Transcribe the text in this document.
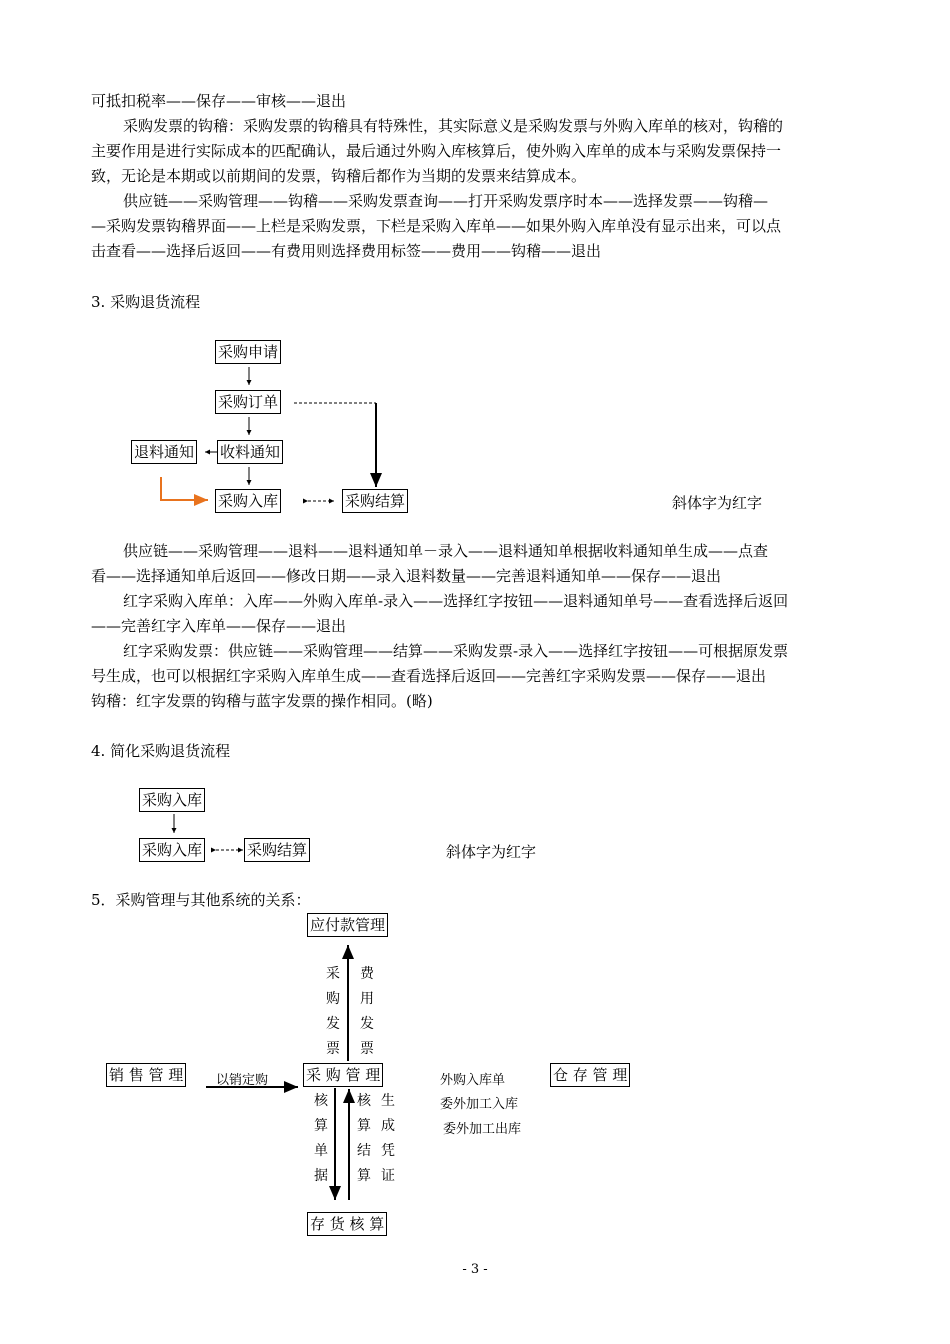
可抵扣税率——保存——审核——退出
采购发票的钩稽：采购发票的钩稽具有特殊性，其实际意义是采购发票与外购入库单的核对，钩稽的
主要作用是进行实际成本的匹配确认，最后通过外购入库核算后，使外购入库单的成本与采购发票保持一
致，无论是本期或以前期间的发票，钩稽后都作为当期的发票来结算成本。
供应链——采购管理——钩稽——采购发票查询——打开采购发票序时本——选择发票——钩稽—
—采购发票钩稽界面——上栏是采购发票，下栏是采购入库单——如果外购入库单没有显示出来，可以点
击查看——选择后返回——有费用则选择费用标签——费用——钩稽——退出
3. 采购退货流程
采购申请
采购订单
退料通知 收料通知
采购入库	采购结算	斜体字为红字
供应链——采购管理——退料——退料通知单－录入——退料通知单根据收料通知单生成——点查
看——选择通知单后返回——修改日期——录入退料数量——完善退料通知单——保存——退出
红字采购入库单：入库——外购入库单-录入——选择红字按钮——退料通知单号——查看选择后返回
——完善红字入库单——保存——退出
红字采购发票：供应链——采购管理——结算——采购发票-录入——选择红字按钮——可根据原发票
号生成，也可以根据红字采购入库单生成——查看选择后返回——完善红字采购发票——保存——退出
钩稽：红字发票的钩稽与蓝字发票的操作相同。(略)
4. 简化采购退货流程
采购入库
采购入库	采购结算	斜体字为红字
5．采购管理与其他系统的关系：
应付款管理
销 售 管 理	采 购 管 理	仓 存 管 理
存 货 核 算
以销定购	外购入库单
委外加工入库
委外加工出库
采
购
发
票
费
用
发
票
核
算
单
据
核
算
结
算
生
成
凭
证
- 3 -
